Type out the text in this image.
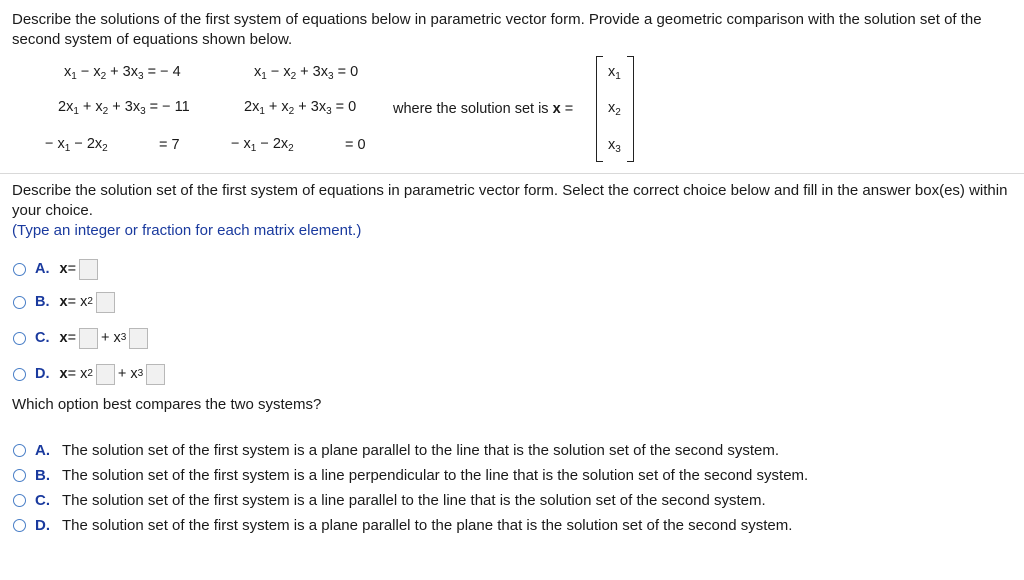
Describe the solutions of the first system of equations below in parametric vector form. Provide a geometric comparison with the solution set of the second system of equations shown below.
$x_1 - x_2 + 3x_3$ = − 4
$2x_1 + x_2 + 3x_3$ = − 11
− $x_1 - 2x_2$	= 7
$x_1 - x_2 + 3x_3 = 0$
$2x_1 + x_2 + 3x_3 = 0$
− $x_1 - 2x_2$	= 0
where the solution set is x =
$x_1$
$x_2$
$x_3$
Describe the solution set of the first system of equations in parametric vector form. Select the correct choice below and fill in the answer box(es) within your choice.
(Type an integer or fraction for each matrix element.)
A. x =
B. x = x 2
C. x = + x 3
D. x = x 2 + x 3
Which option best compares the two systems?
A. The solution set of the first system is a plane parallel to the line that is the solution set of the second system.
B. The solution set of the first system is a line perpendicular to the line that is the solution set of the second system.
C. The solution set of the first system is a line parallel to the line that is the solution set of the second system.
D. The solution set of the first system is a plane parallel to the plane that is the solution set of the second system.
